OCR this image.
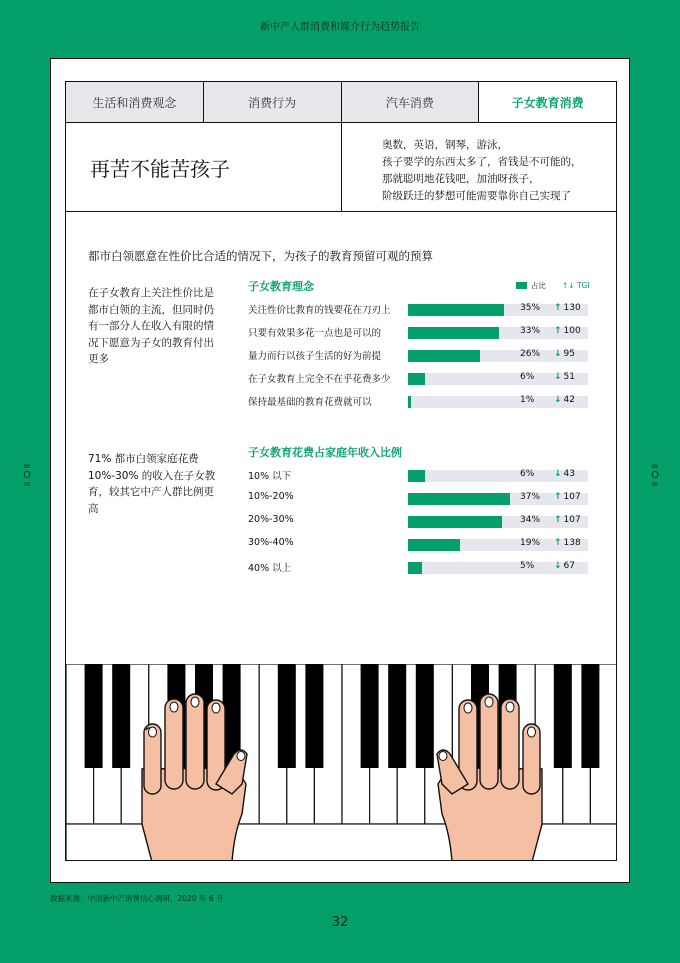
新中产人群消费和媒介行为趋势报告
=
O
=
=
O
=
生活和消费观念	消费行为	汽车消费	子女教育消费
再苦不能苦孩子
奥数，英语，钢琴，游泳，
孩子要学的东西太多了，省钱是不可能的，
那就聪明地花钱吧，加油呀孩子，
阶级跃迁的梦想可能需要靠你自己实现了
都市白领愿意在性价比合适的情况下，为孩子的教育预留可观的预算
在子女教育上关注性价比是都市白领的主流，但同时仍有一部分人在收入有限的情况下愿意为子女的教育付出更多
71% 都市白领家庭花费 10%-30% 的收入在子女教育，较其它中产人群比例更高
子女教育理念	占比 ↑↓ TGI
子女教育花费占家庭年收入比例
关注性价比教育的钱要花在刀刃上	35% ↑ 130
只要有效果多花一点也是可以的	33% ↑ 100
量力而行以孩子生活的好为前提	26% ↓ 95
在子女教育上完全不在乎花费多少	6% ↓ 51
保持最基础的教育花费就可以	1% ↓ 42
10% 以下	6% ↓ 43
10%-20%	37% ↑ 107
20%-30%	34% ↑ 107
30%-40%	19% ↑ 138
40% 以上	5% ↓ 67
数据来源：中国新中产消费信心调研，2020 年 6 月
32
